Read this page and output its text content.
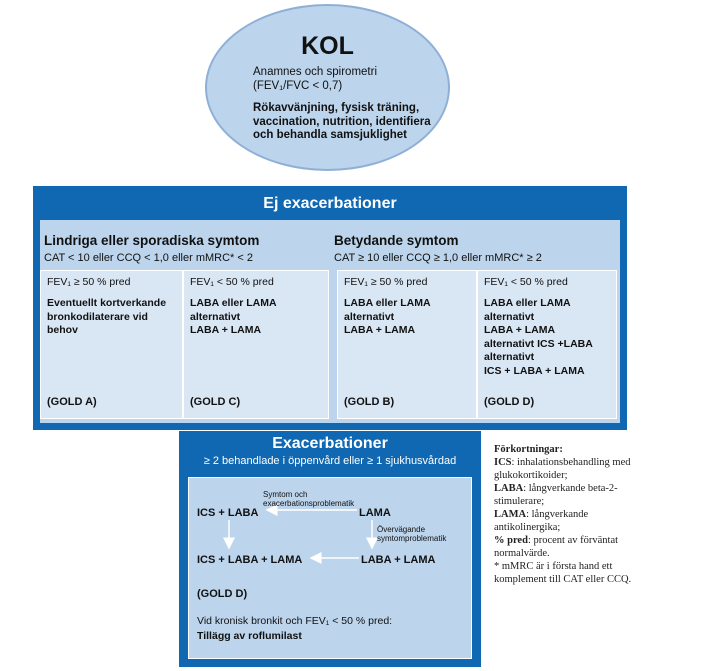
KOL
Anamnes och spirometri
(FEV₁/FVC < 0,7)
Rökavvänjning, fysisk träning, vaccination, nutrition, identifiera och behandla samsjuklighet
Ej exacerbationer
Lindriga eller sporadiska symtom
CAT < 10 eller CCQ < 1,0 eller mMRC* < 2
FEV₁ ≥ 50 % pred
Eventuellt kortverkande
bronkodilaterare vid
behov
(GOLD A)
FEV₁ < 50 % pred
LABA eller LAMA
alternativt
LABA + LAMA
(GOLD C)
Betydande symtom
CAT ≥ 10 eller CCQ ≥ 1,0 eller mMRC* ≥ 2
FEV₁ ≥ 50 % pred
LABA eller LAMA
alternativt
LABA + LAMA
(GOLD B)
FEV₁ < 50 % pred
LABA eller LAMA
alternativt
LABA + LAMA
alternativt ICS +LABA
alternativt
ICS + LABA + LAMA
(GOLD D)
Exacerbationer
≥ 2 behandlade i öppenvård eller ≥ 1 sjukhusvårdad
Symtom och
exacerbationsproblematik
ICS + LABA	LAMA
Övervägande
symtomproblematik
ICS + LABA + LAMA	LABA + LAMA
(GOLD D)
Vid kronisk bronkit och FEV₁ < 50 % pred:
Tillägg av roflumilast
Förkortningar:
ICS: inhalationsbehandling med glukokortikoider;
LABA: långverkande beta-2-stimulerare;
LAMA: långverkande antikolinergika;
% pred: procent av förväntat normalvärde.
* mMRC är i första hand ett komplement till CAT eller CCQ.
